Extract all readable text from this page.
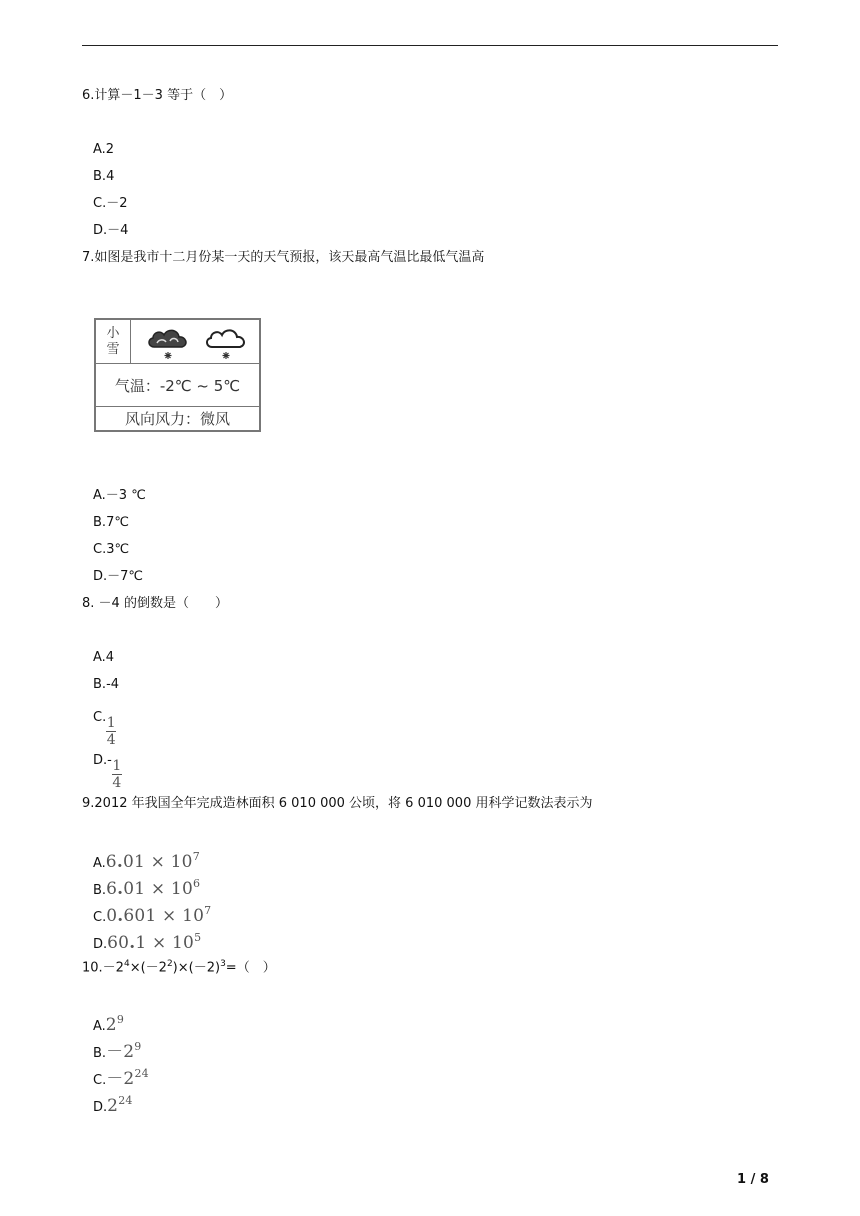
6.计算－1－3 等于（　）
A. 2
B. 4
C. －2
D. －4
7.如图是我市十二月份某一天的天气预报，该天最高气温比最低气温高
小
雪
气温：-2℃ ~ 5℃
风向风力：微风
A. －3 ℃
B. 7℃
C. 3℃
D. －7℃
8. －4 的倒数是（　　）
A. 4
B. -4
C. $\frac{1}{4}$
D. - $\frac{1}{4}$
9.2012 年我国全年完成造林面积 6 010 000 公顷，将 6 010 000 用科学记数法表示为
A. $6.01 \times 10^7$
B. $6.01 \times 10^6$
C. $0.601 \times 10^7$
D. $60.1 \times 10^5$
$10.-2^4\times(-2^2)\times(-2)^3=$（　）
A. $2^9$
B. $-2^9$
C. $-2^{24}$
D. $2^{24}$
1 / 8
